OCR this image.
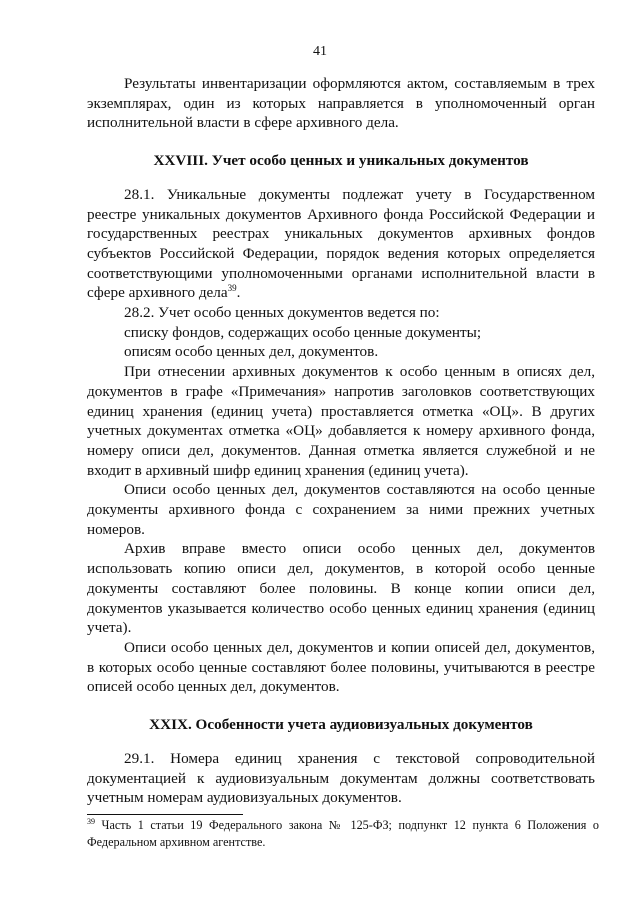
41

Результаты инвентаризации оформляются актом, составляемым в трех экземплярах, один из которых направляется в уполномоченный орган исполнительной власти в сфере архивного дела.

XXVIII. Учет особо ценных и уникальных документов

28.1. Уникальные документы подлежат учету в Государственном реестре уникальных документов Архивного фонда Российской Федерации и государственных реестрах уникальных документов архивных фондов субъектов Российской Федерации, порядок ведения которых определяется соответствующими уполномоченными органами исполнительной власти в сфере архивного дела$^{39}$.

28.2. Учет особо ценных документов ведется по:

списку фондов, содержащих особо ценные документы;

описям особо ценных дел, документов.

При отнесении архивных документов к особо ценным в описях дел, документов в графе «Примечания» напротив заголовков соответствующих единиц хранения (единиц учета) проставляется отметка «ОЦ». В других учетных документах отметка «ОЦ» добавляется к номеру архивного фонда, номеру описи дел, документов. Данная отметка является служебной и не входит в архивный шифр единиц хранения (единиц учета).

Описи особо ценных дел, документов составляются на особо ценные документы архивного фонда с сохранением за ними прежних учетных номеров.

Архив вправе вместо описи особо ценных дел, документов использовать копию описи дел, документов, в которой особо ценные документы составляют более половины. В конце копии описи дел, документов указывается количество особо ценных единиц хранения (единиц учета).

Описи особо ценных дел, документов и копии описей дел, документов, в которых особо ценные составляют более половины, учитываются в реестре описей особо ценных дел, документов.

XXIX. Особенности учета аудиовизуальных документов

29.1. Номера единиц хранения с текстовой сопроводительной документацией к аудиовизуальным документам должны соответствовать учетным номерам аудиовизуальных документов.

$^{39}$ Часть 1 статьи 19 Федерального закона № 125-ФЗ; подпункт 12 пункта 6 Положения о Федеральном архивном агентстве.
